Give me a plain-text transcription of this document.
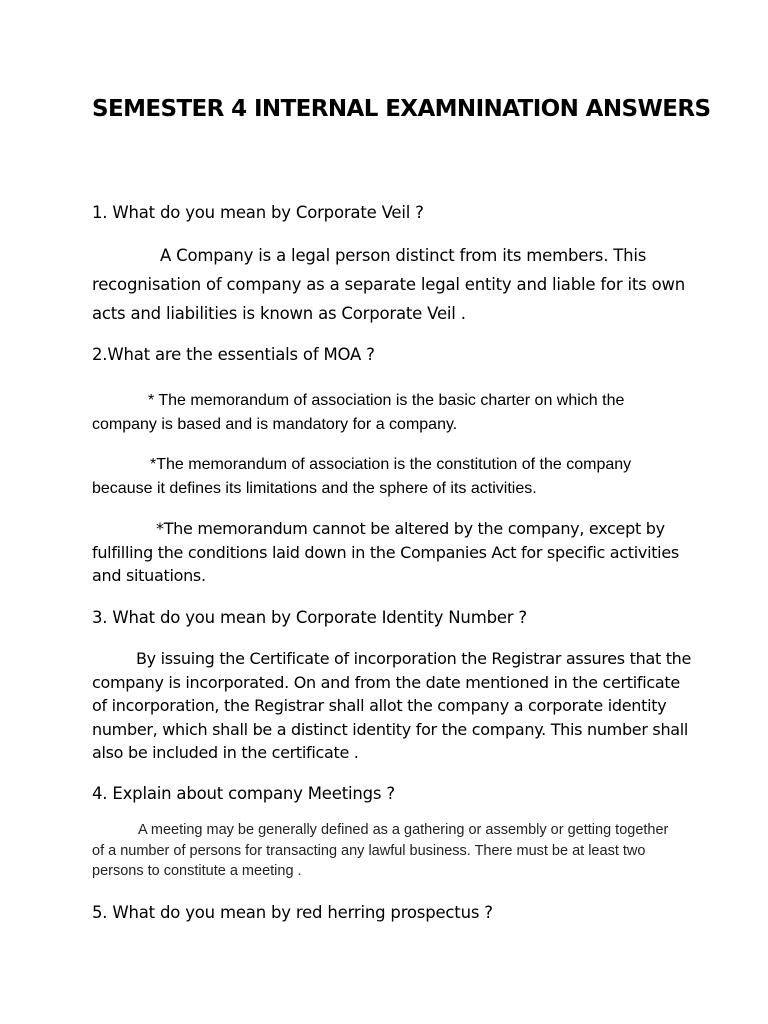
SEMESTER 4 INTERNAL EXAMNINATION ANSWERS
1. What do you mean by Corporate Veil ?

A Company is a legal person distinct from its members. This recognisation of company as a separate legal entity and liable for its own acts and liabilities is known as Corporate Veil .

2.What are the essentials of MOA ?

* The memorandum of association is the basic charter on which the company is based and is mandatory for a company.

*The memorandum of association is the constitution of the company because it defines its limitations and the sphere of its activities.

*The memorandum cannot be altered by the company, except by fulfilling the conditions laid down in the Companies Act for specific activities and situations.

3. What do you mean by Corporate Identity Number ?

By issuing the Certificate of incorporation the Registrar assures that the company is incorporated. On and from the date mentioned in the certificate of incorporation, the Registrar shall allot the company a corporate identity number, which shall be a distinct identity for the company. This number shall also be included in the certificate .

4. Explain about company Meetings ?

A meeting may be generally defined as a gathering or assembly or getting together of a number of persons for transacting any lawful business. There must be at least two persons to constitute a meeting .

5. What do you mean by red herring prospectus ?
